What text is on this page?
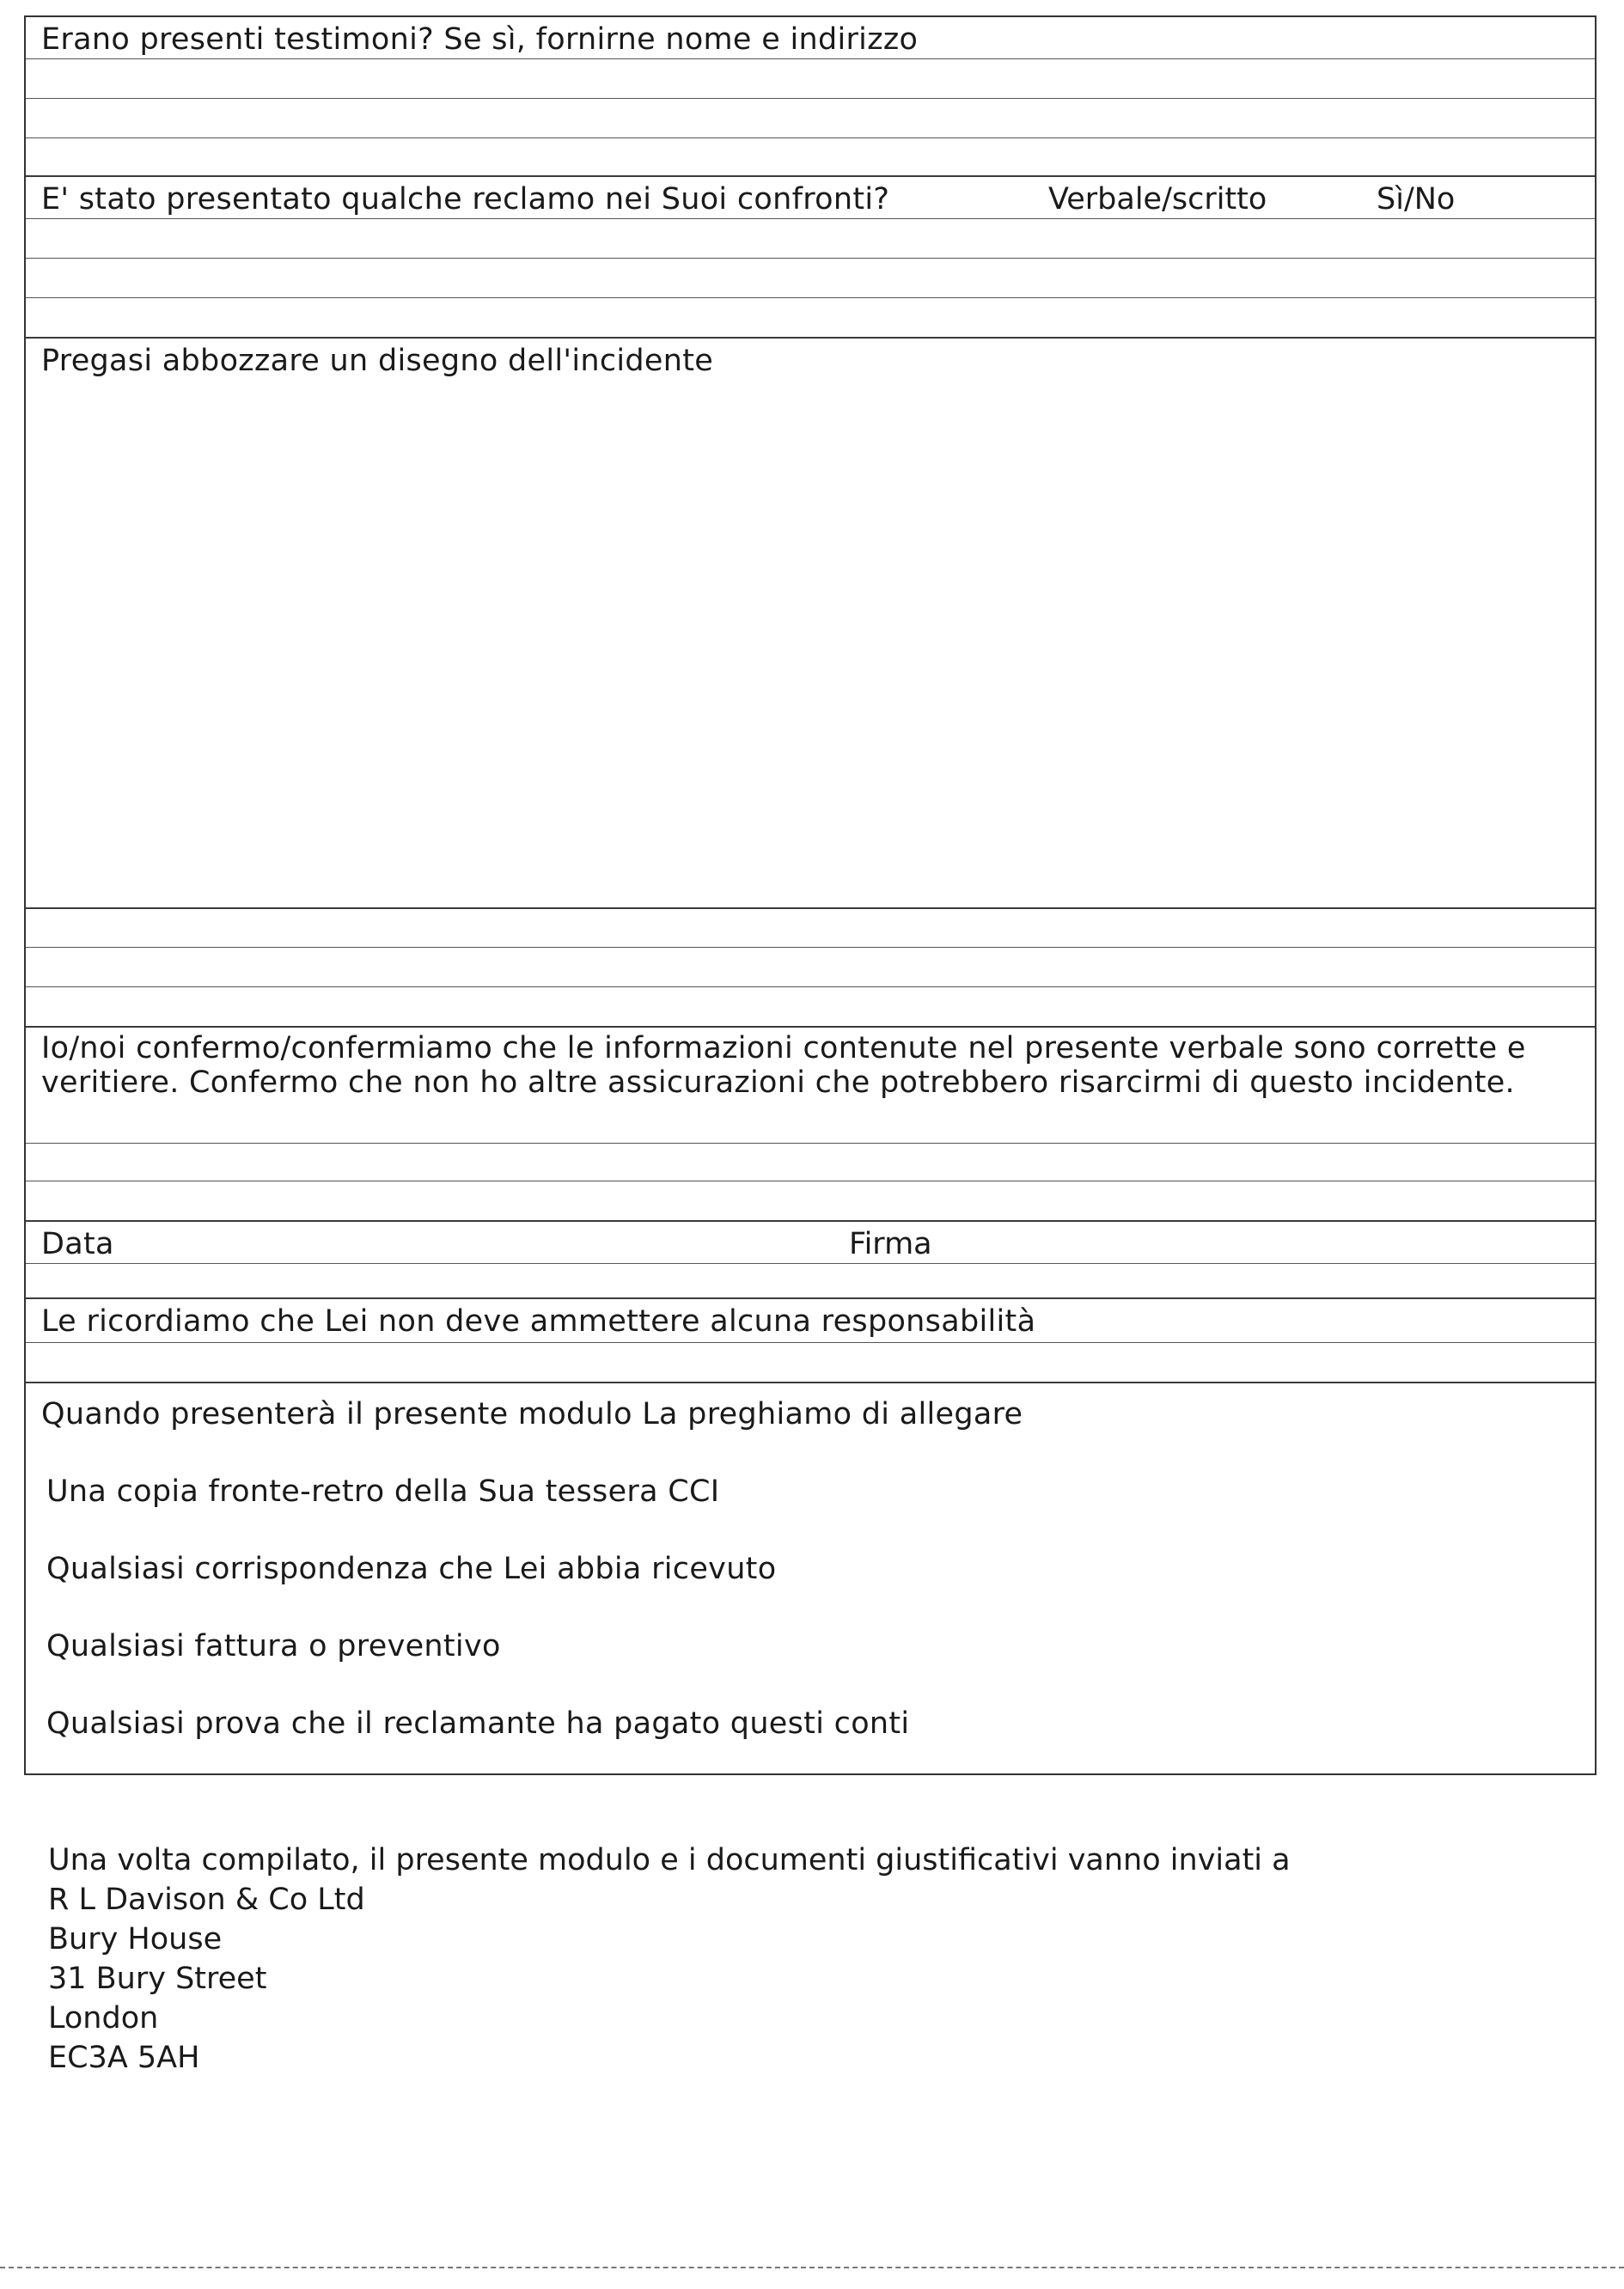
Erano presenti testimoni? Se sì, fornirne nome e indirizzo
E' stato presentato qualche reclamo nei Suoi confronti?	Verbale/scritto	Sì/No
Pregasi abbozzare un disegno dell'incidente
Io/noi confermo/confermiamo che le informazioni contenute nel presente verbale sono corrette e veritiere. Confermo che non ho altre assicurazioni che potrebbero risarcirmi di questo incidente.
Data	Firma
Le ricordiamo che Lei non deve ammettere alcuna responsabilità
Quando presenterà il presente modulo La preghiamo di allegare
Una copia fronte-retro della Sua tessera CCI
Qualsiasi corrispondenza che Lei abbia ricevuto
Qualsiasi fattura o preventivo
Qualsiasi prova che il reclamante ha pagato questi conti
Una volta compilato, il presente modulo e i documenti giustificativi vanno inviati a
R L Davison & Co Ltd
Bury House
31 Bury Street
London
EC3A 5AH
